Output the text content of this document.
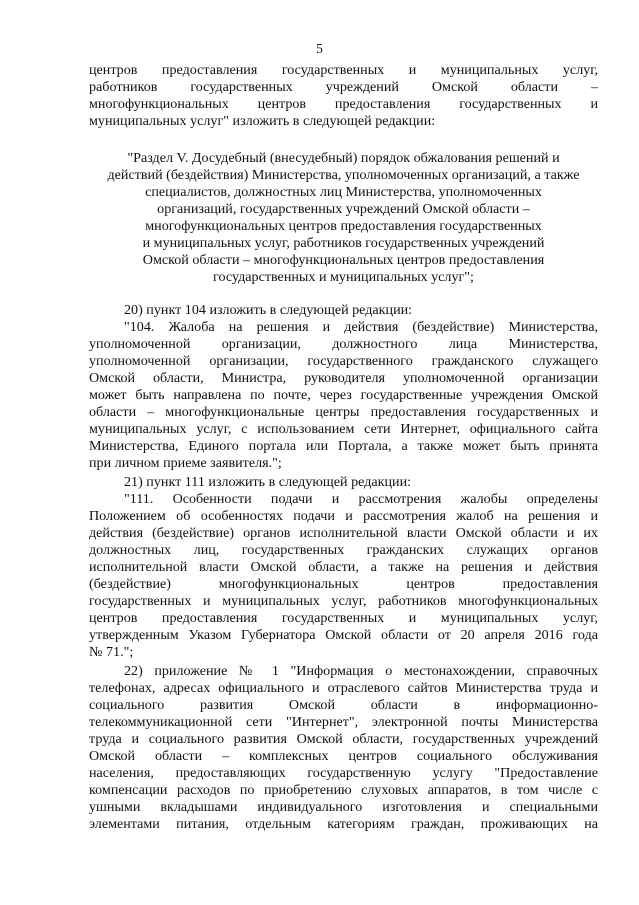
5
центров предоставления государственных и муниципальных услуг,
работников государственных учреждений Омской области –
многофункциональных центров предоставления государственных и
муниципальных услуг" изложить в следующей редакции:
"Раздел V. Досудебный (внесудебный) порядок обжалования решений и
действий (бездействия) Министерства, уполномоченных организаций, а также
специалистов, должностных лиц Министерства, уполномоченных
организаций, государственных учреждений Омской области –
многофункциональных центров предоставления государственных
и муниципальных услуг, работников государственных учреждений
Омской области – многофункциональных центров предоставления
государственных и муниципальных услуг";
20) пункт 104 изложить в следующей редакции:
"104. Жалоба на решения и действия (бездействие) Министерства,
уполномоченной организации, должностного лица Министерства,
уполномоченной организации, государственного гражданского служащего
Омской области, Министра, руководителя уполномоченной организации
может быть направлена по почте, через государственные учреждения Омской
области – многофункциональные центры предоставления государственных и
муниципальных услуг, с использованием сети Интернет, официального сайта
Министерства, Единого портала или Портала, а также может быть принята
при личном приеме заявителя.";
21) пункт 111 изложить в следующей редакции:
"111. Особенности подачи и рассмотрения жалобы определены
Положением об особенностях подачи и рассмотрения жалоб на решения и
действия (бездействие) органов исполнительной власти Омской области и их
должностных лиц, государственных гражданских служащих органов
исполнительной власти Омской области, а также на решения и действия
(бездействие) многофункциональных центров предоставления
государственных и муниципальных услуг, работников многофункциональных
центров предоставления государственных и муниципальных услуг,
утвержденным Указом Губернатора Омской области от 20 апреля 2016 года
№ 71.";
22) приложение № 1 "Информация о местонахождении, справочных
телефонах, адресах официального и отраслевого сайтов Министерства труда и
социального развития Омской области в информационно-
телекоммуникационной сети "Интернет", электронной почты Министерства
труда и социального развития Омской области, государственных учреждений
Омской области – комплексных центров социального обслуживания
населения, предоставляющих государственную услугу "Предоставление
компенсации расходов по приобретению слуховых аппаратов, в том числе с
ушными вкладышами индивидуального изготовления и специальными
элементами питания, отдельным категориям граждан, проживающих на
